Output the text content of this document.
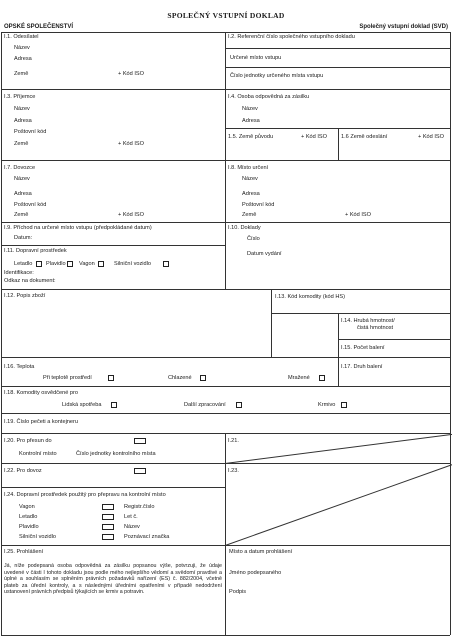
SPOLEČNÝ VSTUPNÍ DOKLAD
OPSKÉ SPOLEČENSTVÍ	Společný vstupní doklad (SVD)
I.1. Odesílatel
Název
Adresa
Země	+ Kód ISO
I.2. Referenční číslo společného vstupního dokladu
Určené místo vstupu
Číslo jednotky určeného místa vstupu
I.3. Příjemce
Název
Adresa
Poštovní kód
Země	+ Kód ISO
I.4. Osoba odpovědná za zásilku
Název
Adresa
1.5. Země původu	+ Kód ISO	1.6 Země odeslání	+ Kód ISO
I.7. Dovozce
Název
Adresa
Poštovní kód
Země	+ Kód ISO
I.8. Místo určení
Název
Adresa
Poštovní kód
Země	+ Kód ISO
I.9. Příchod na určené místo vstupu (předpokládané datum)
Datum:
I.10. Doklady
Číslo
Datum vydání
I.11. Dopravní prostředek
Letadlo Plavidlo Vagon	Silniční vozidlo
Identifikace:
Odkaz na dokument:
I.12. Popis zboží	I.13. Kód komodity (kód HS)
I.14. Hrubá hmotnost/
čistá hmotnost
I.15. Počet balení
I.16. Teplota
Při teplotě prostředí	Chlazené	Mražené
I.17. Druh balení
I.18. Komodity osvědčené pro
Lidská spotřeba	Další zpracování	Krmivo
I.19. Číslo pečeti a kontejneru
I.20. Pro přesun do
Kontrolní místo	Číslo jednotky kontrolního místa
I.21.
I.22. Pro dovoz	I.23.
I.24. Dopravní prostředek použitý pro přepravu na kontrolní místo
Vagon	Registr.číslo
Letadlo	Let č.
Plavidlo	Název
Silniční vozidlo	Poznávací značka
I.25. Prohlášení
Já, níže podepsaná osoba odpovědná za zásilku popsanou výše, potvrzuji, že údaje uvedené v části I tohoto dokladu jsou podle mého nejlepšího vědomí a svědomí pravdivé a úplné a souhlasím se splněním právních požadavků nařízení (ES) č. 882/2004, včetně plateb za úřední kontroly, a s následnými úředními opatřeními v případě nedodržení ustanovení právních předpisů týkajících se krmiv a potravin.
Místo a datum prohlášení
Jméno podepsaného
Podpis
